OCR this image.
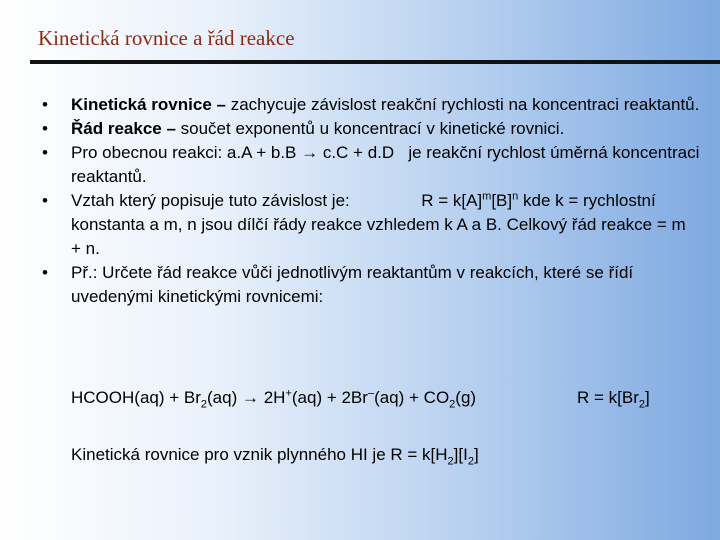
Kinetická rovnice a řád reakce
•	Kinetická rovnice – zachycuje závislost reakční rychlosti na koncentraci reaktantů.
•	Řád reakce – součet exponentů u koncentrací v kinetické rovnici.
•	Pro obecnou reakci: a.A + b.B → c.C + d.D je reakční rychlost úměrná koncentraci reaktantů.
•	Vztah který popisuje tuto závislost je:	$R = k[A]^m[B]^n$ kde k = rychlostní konstanta a m, n jsou dílčí řády reakce vzhledem k A a B. Celkový řád reakce = m + n.
•	Př.: Určete řád reakce vůči jednotlivým reaktantům v reakcích, které se řídí uvedenými kinetickými rovnicemi:
HCOOH(aq) + $Br_2(aq) \to 2H^+(aq) + 2Br^-(aq) + CO_2(g)$	$R = k[Br_2]$
Kinetická rovnice pro vznik plynného HI je $R = k[H_2][I_2]$
